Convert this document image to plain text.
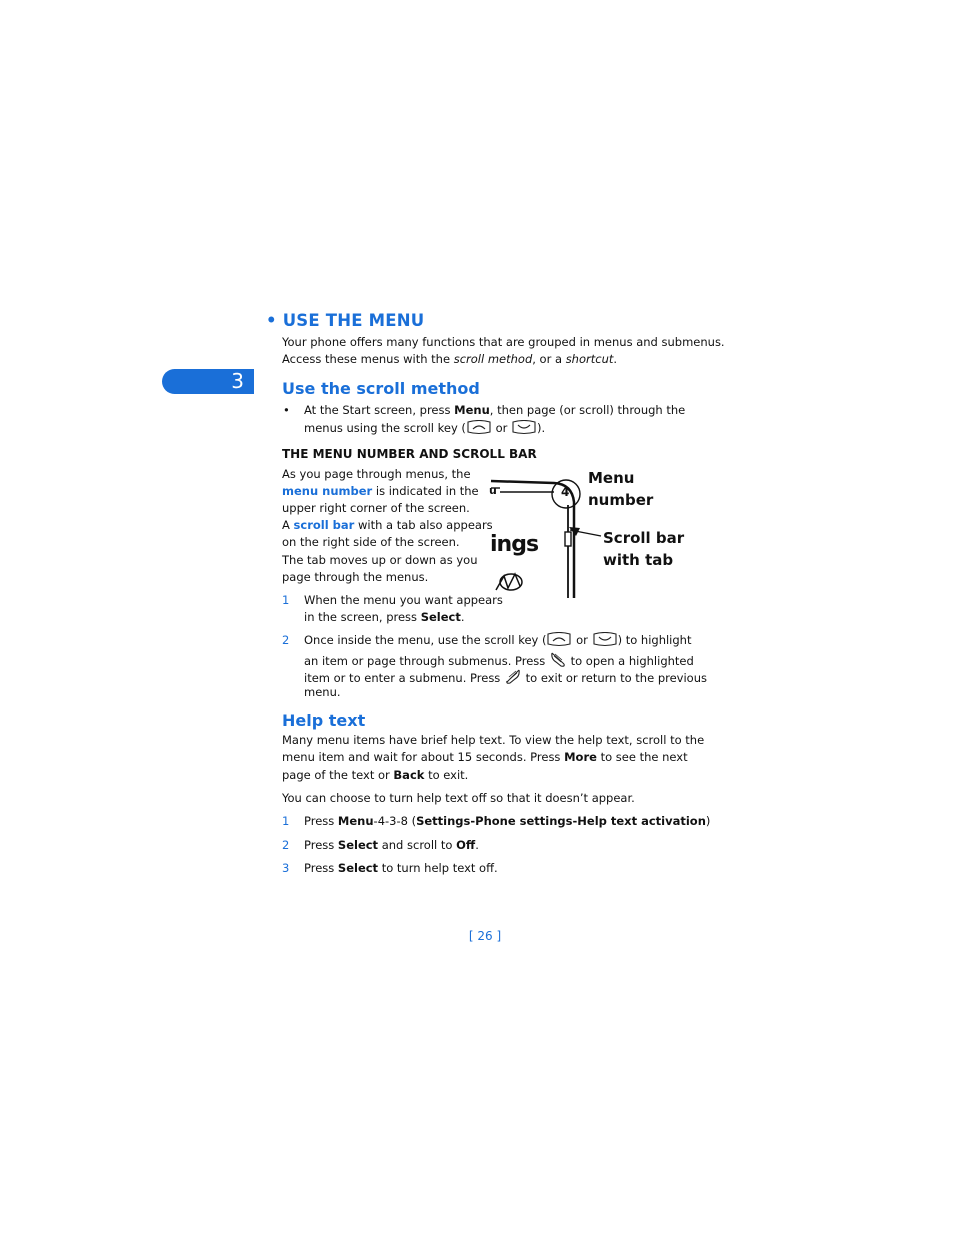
3
• USE THE MENU
Your phone offers many functions that are grouped in menus and submenus.
Access these menus with the scroll method, or a shortcut.
Use the scroll method
• At the Start screen, press Menu, then page (or scroll) through the
menus using the scroll key (	or	).
THE MENU NUMBER AND SCROLL BAR
As you page through menus, the
menu number is indicated in the
upper right corner of the screen.
A scroll bar with a tab also appears
on the right side of the screen.
The tab moves up or down as you
page through the menus.
u	4
ings
Menu
number
Scroll bar
with tab
1 When the menu you want appears
in the screen, press Select.
2 Once inside the menu, use the scroll key (	or	) to highlight
an item or page through submenus. Press to open a highlighted
item or to enter a submenu. Press to exit or return to the previous
menu.
Help text
Many menu items have brief help text. To view the help text, scroll to the
menu item and wait for about 15 seconds. Press More to see the next
page of the text or Back to exit.
You can choose to turn help text off so that it doesn’t appear.
1 Press Menu-4-3-8 (Settings-Phone settings-Help text activation)
2 Press Select and scroll to Off.
3 Press Select to turn help text off.
[ 26 ]
